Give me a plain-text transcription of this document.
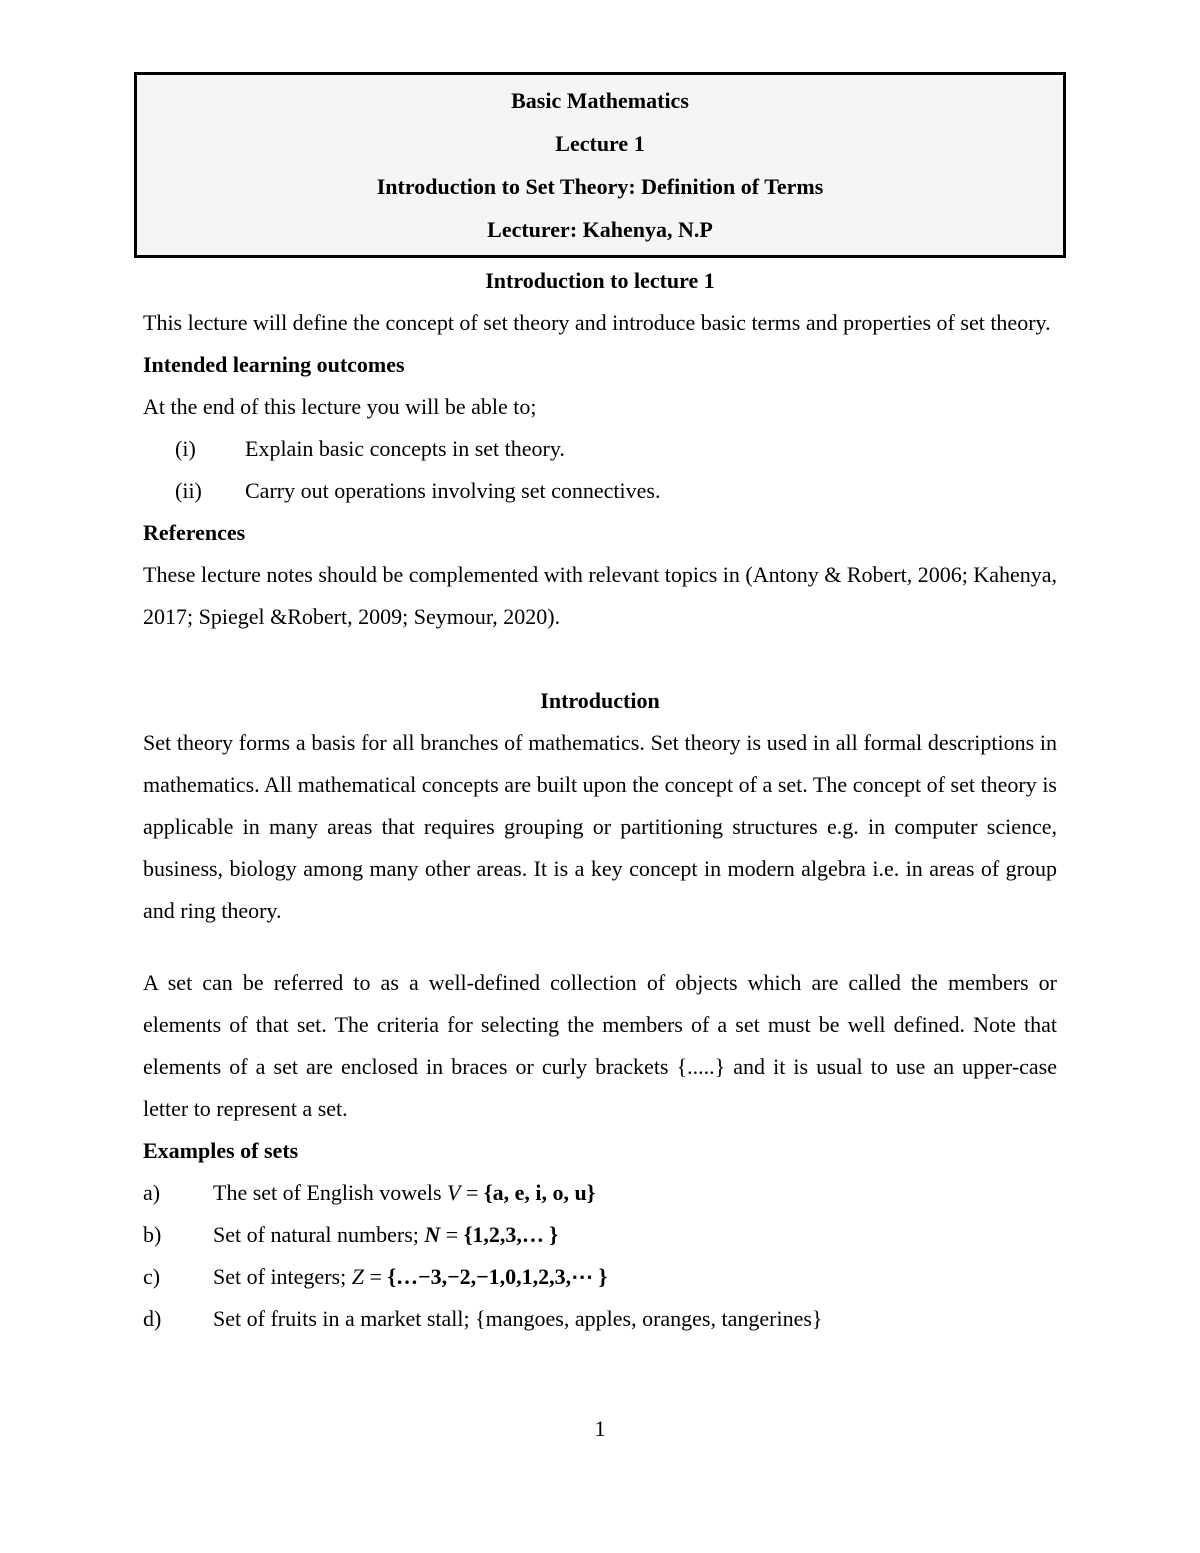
Basic Mathematics
Lecture 1
Introduction to Set Theory: Definition of Terms
Lecturer: Kahenya, N.P
Introduction to lecture 1

This lecture will define the concept of set theory and introduce basic terms and properties of set theory.

Intended learning outcomes

At the end of this lecture you will be able to;

(i)	Explain basic concepts in set theory.
(ii)	Carry out operations involving set connectives.
References

These lecture notes should be complemented with relevant topics in (Antony & Robert, 2006; Kahenya, 2017; Spiegel &Robert, 2009; Seymour, 2020).

Introduction

Set theory forms a basis for all branches of mathematics. Set theory is used in all formal descriptions in mathematics. All mathematical concepts are built upon the concept of a set. The concept of set theory is applicable in many areas that requires grouping or partitioning structures e.g. in computer science, business, biology among many other areas. It is a key concept in modern algebra i.e. in areas of group and ring theory.

A set can be referred to as a well-defined collection of objects which are called the members or elements of that set. The criteria for selecting the members of a set must be well defined. Note that elements of a set are enclosed in braces or curly brackets {.....} and it is usual to use an upper-case letter to represent a set.

Examples of sets
a)	The set of English vowels V = {a, e, i, o, u}
b)	Set of natural numbers; N = {1,2,3,… }
c)	Set of integers; Z = {…−3,−2,−1,0,1,2,3,⋯ }
d)	Set of fruits in a market stall; {mangoes, apples, oranges, tangerines}
1
